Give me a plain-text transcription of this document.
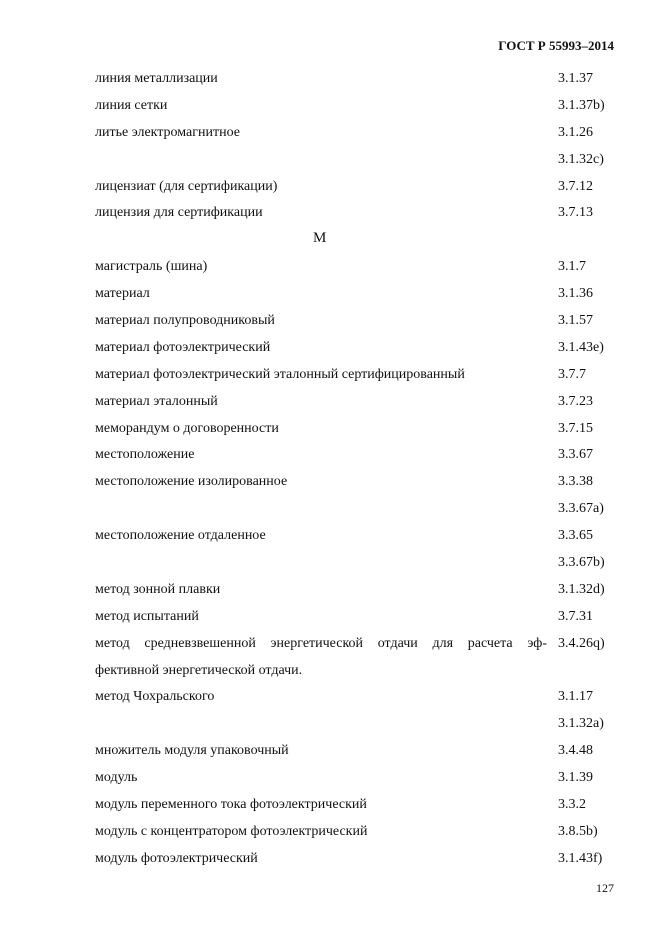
ГОСТ Р 55993–2014
линия металлизации	3.1.37
линия сетки	3.1.37b)
литье электромагнитное	3.1.26
3.1.32c)
лицензиат (для сертификации)	3.7.12
лицензия для сертификации	3.7.13
М
магистраль (шина)	3.1.7
материал	3.1.36
материал полупроводниковый	3.1.57
материал фотоэлектрический	3.1.43e)
материал фотоэлектрический эталонный сертифицированный	3.7.7
материал эталонный	3.7.23
меморандум о договоренности	3.7.15
местоположение	3.3.67
местоположение изолированное	3.3.38
3.3.67a)
местоположение отдаленное	3.3.65
3.3.67b)
метод зонной плавки	3.1.32d)
метод испытаний	3.7.31
метод средневзвешенной энергетической отдачи для расчета эф- 3.4.26q)
фективной энергетической отдачи.
метод Чохральского	3.1.17
3.1.32a)
множитель модуля упаковочный	3.4.48
модуль	3.1.39
модуль переменного тока фотоэлектрический	3.3.2
модуль с концентратором фотоэлектрический	3.8.5b)
модуль фотоэлектрический	3.1.43f)
127
